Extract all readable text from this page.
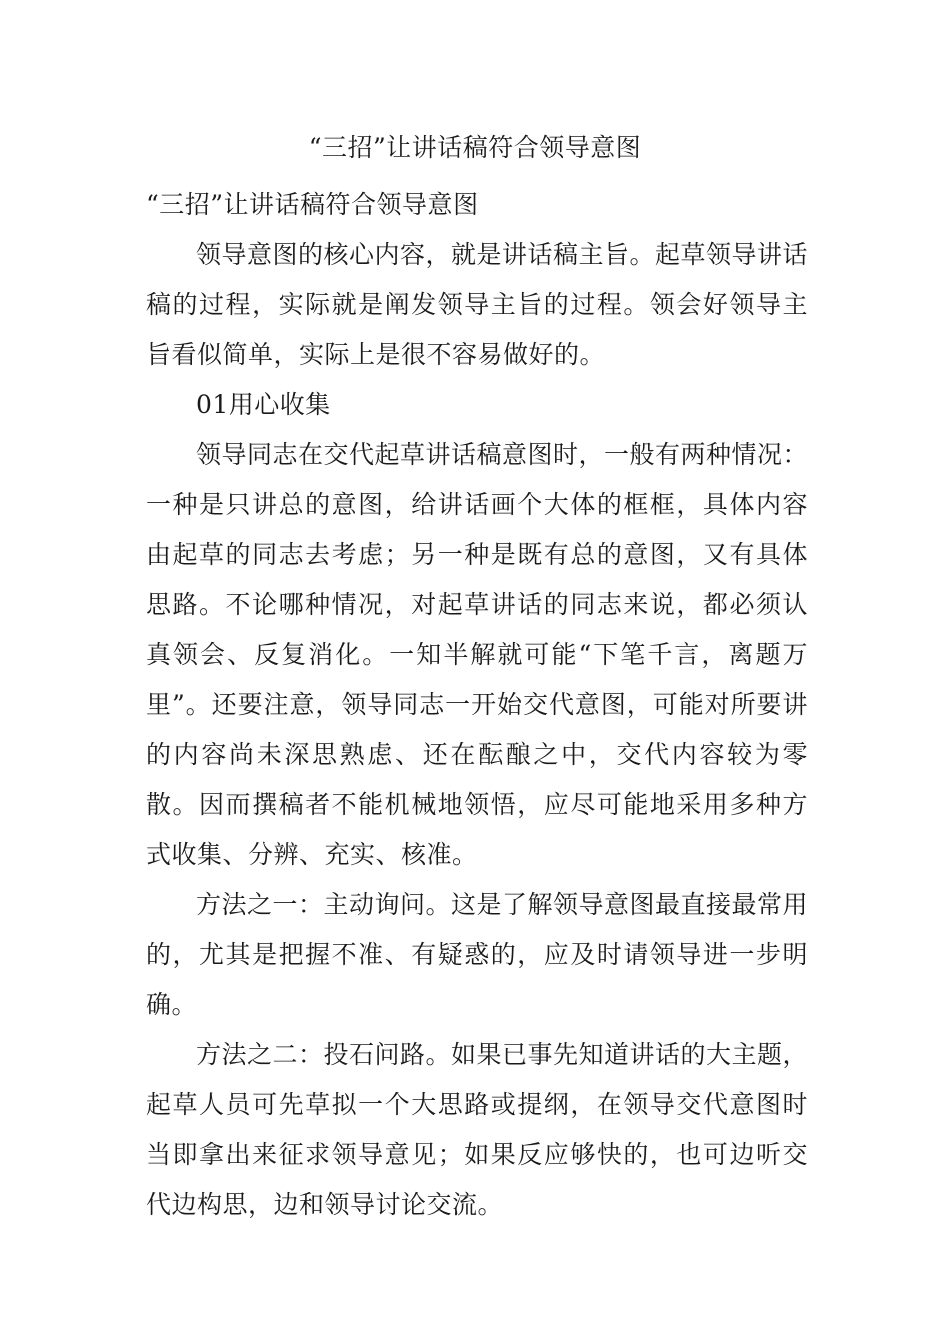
“三招”让讲话稿符合领导意图

“三招”让讲话稿符合领导意图

领导意图的核心内容，就是讲话稿主旨。起草领导讲话稿的过程，实际就是阐发领导主旨的过程。领会好领导主旨看似简单，实际上是很不容易做好的。

01用心收集

领导同志在交代起草讲话稿意图时，一般有两种情况：一种是只讲总的意图，给讲话画个大体的框框，具体内容由起草的同志去考虑；另一种是既有总的意图，又有具体思路。不论哪种情况，对起草讲话的同志来说，都必须认真领会、反复消化。一知半解就可能“下笔千言，离题万里”。还要注意，领导同志一开始交代意图，可能对所要讲的内容尚未深思熟虑、还在酝酿之中，交代内容较为零散。因而撰稿者不能机械地领悟，应尽可能地采用多种方式收集、分辨、充实、核准。

方法之一：主动询问。这是了解领导意图最直接最常用的，尤其是把握不准、有疑惑的，应及时请领导进一步明确。

方法之二：投石问路。如果已事先知道讲话的大主题，起草人员可先草拟一个大思路或提纲，在领导交代意图时当即拿出来征求领导意见；如果反应够快的，也可边听交代边构思，边和领导讨论交流。
